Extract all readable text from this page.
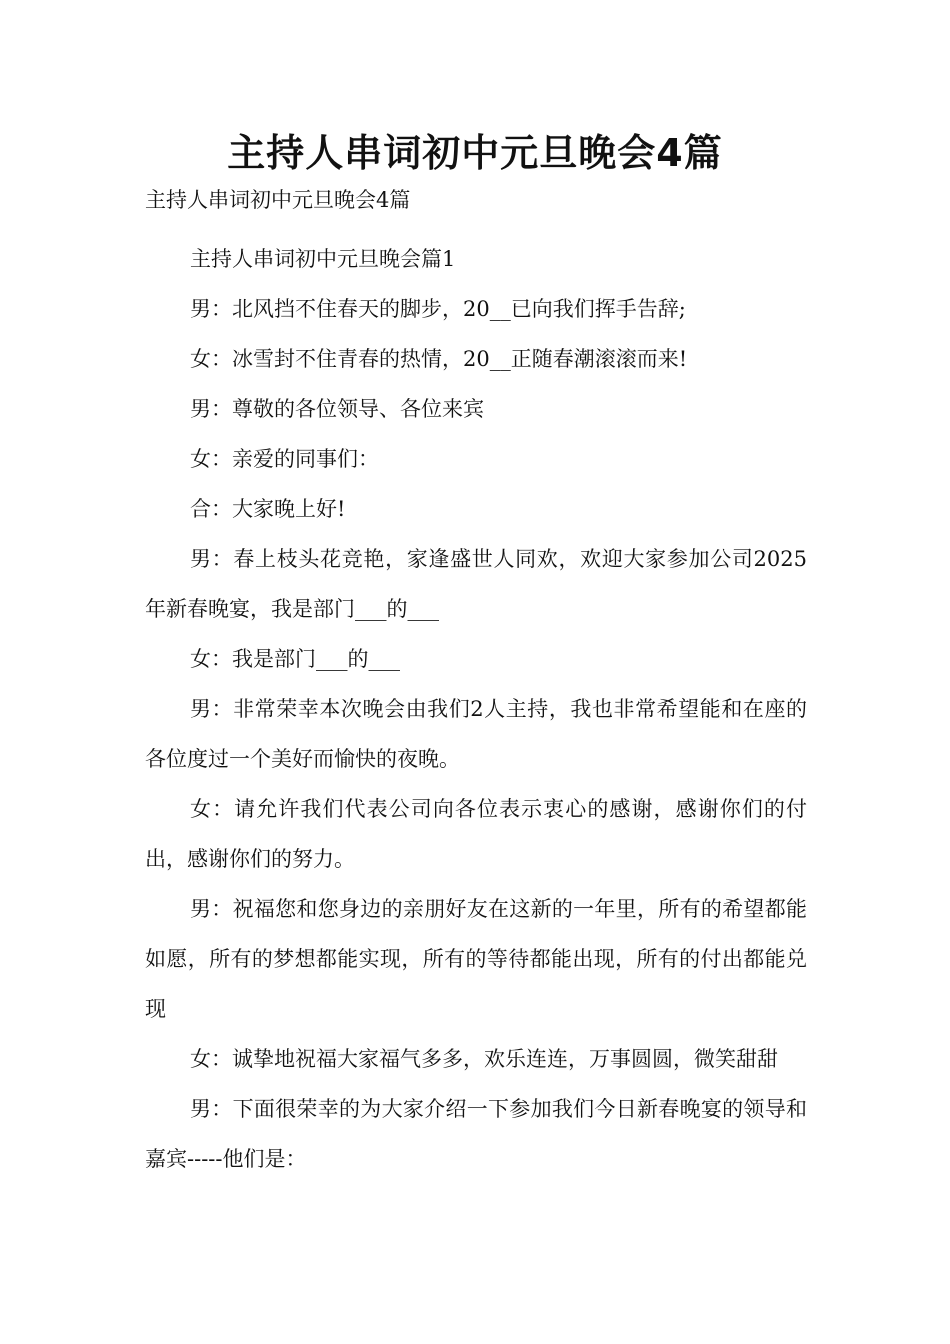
主持人串词初中元旦晚会4篇

主持人串词初中元旦晚会4篇

主持人串词初中元旦晚会篇1

男：北风挡不住春天的脚步，20__已向我们挥手告辞;

女：冰雪封不住青春的热情，20__正随春潮滚滚而来!

男：尊敬的各位领导、各位来宾

女：亲爱的同事们：

合：大家晚上好!

男：春上枝头花竞艳，家逢盛世人同欢，欢迎大家参加公司2025年新春晚宴，我是部门___的___

女：我是部门___的___

男：非常荣幸本次晚会由我们2人主持，我也非常希望能和在座的各位度过一个美好而愉快的夜晚。

女：请允许我们代表公司向各位表示衷心的感谢，感谢你们的付出，感谢你们的努力。

男：祝福您和您身边的亲朋好友在这新的一年里，所有的希望都能如愿，所有的梦想都能实现，所有的等待都能出现，所有的付出都能兑现

女：诚挚地祝福大家福气多多，欢乐连连，万事圆圆，微笑甜甜

男：下面很荣幸的为大家介绍一下参加我们今日新春晚宴的领导和嘉宾-----他们是：
